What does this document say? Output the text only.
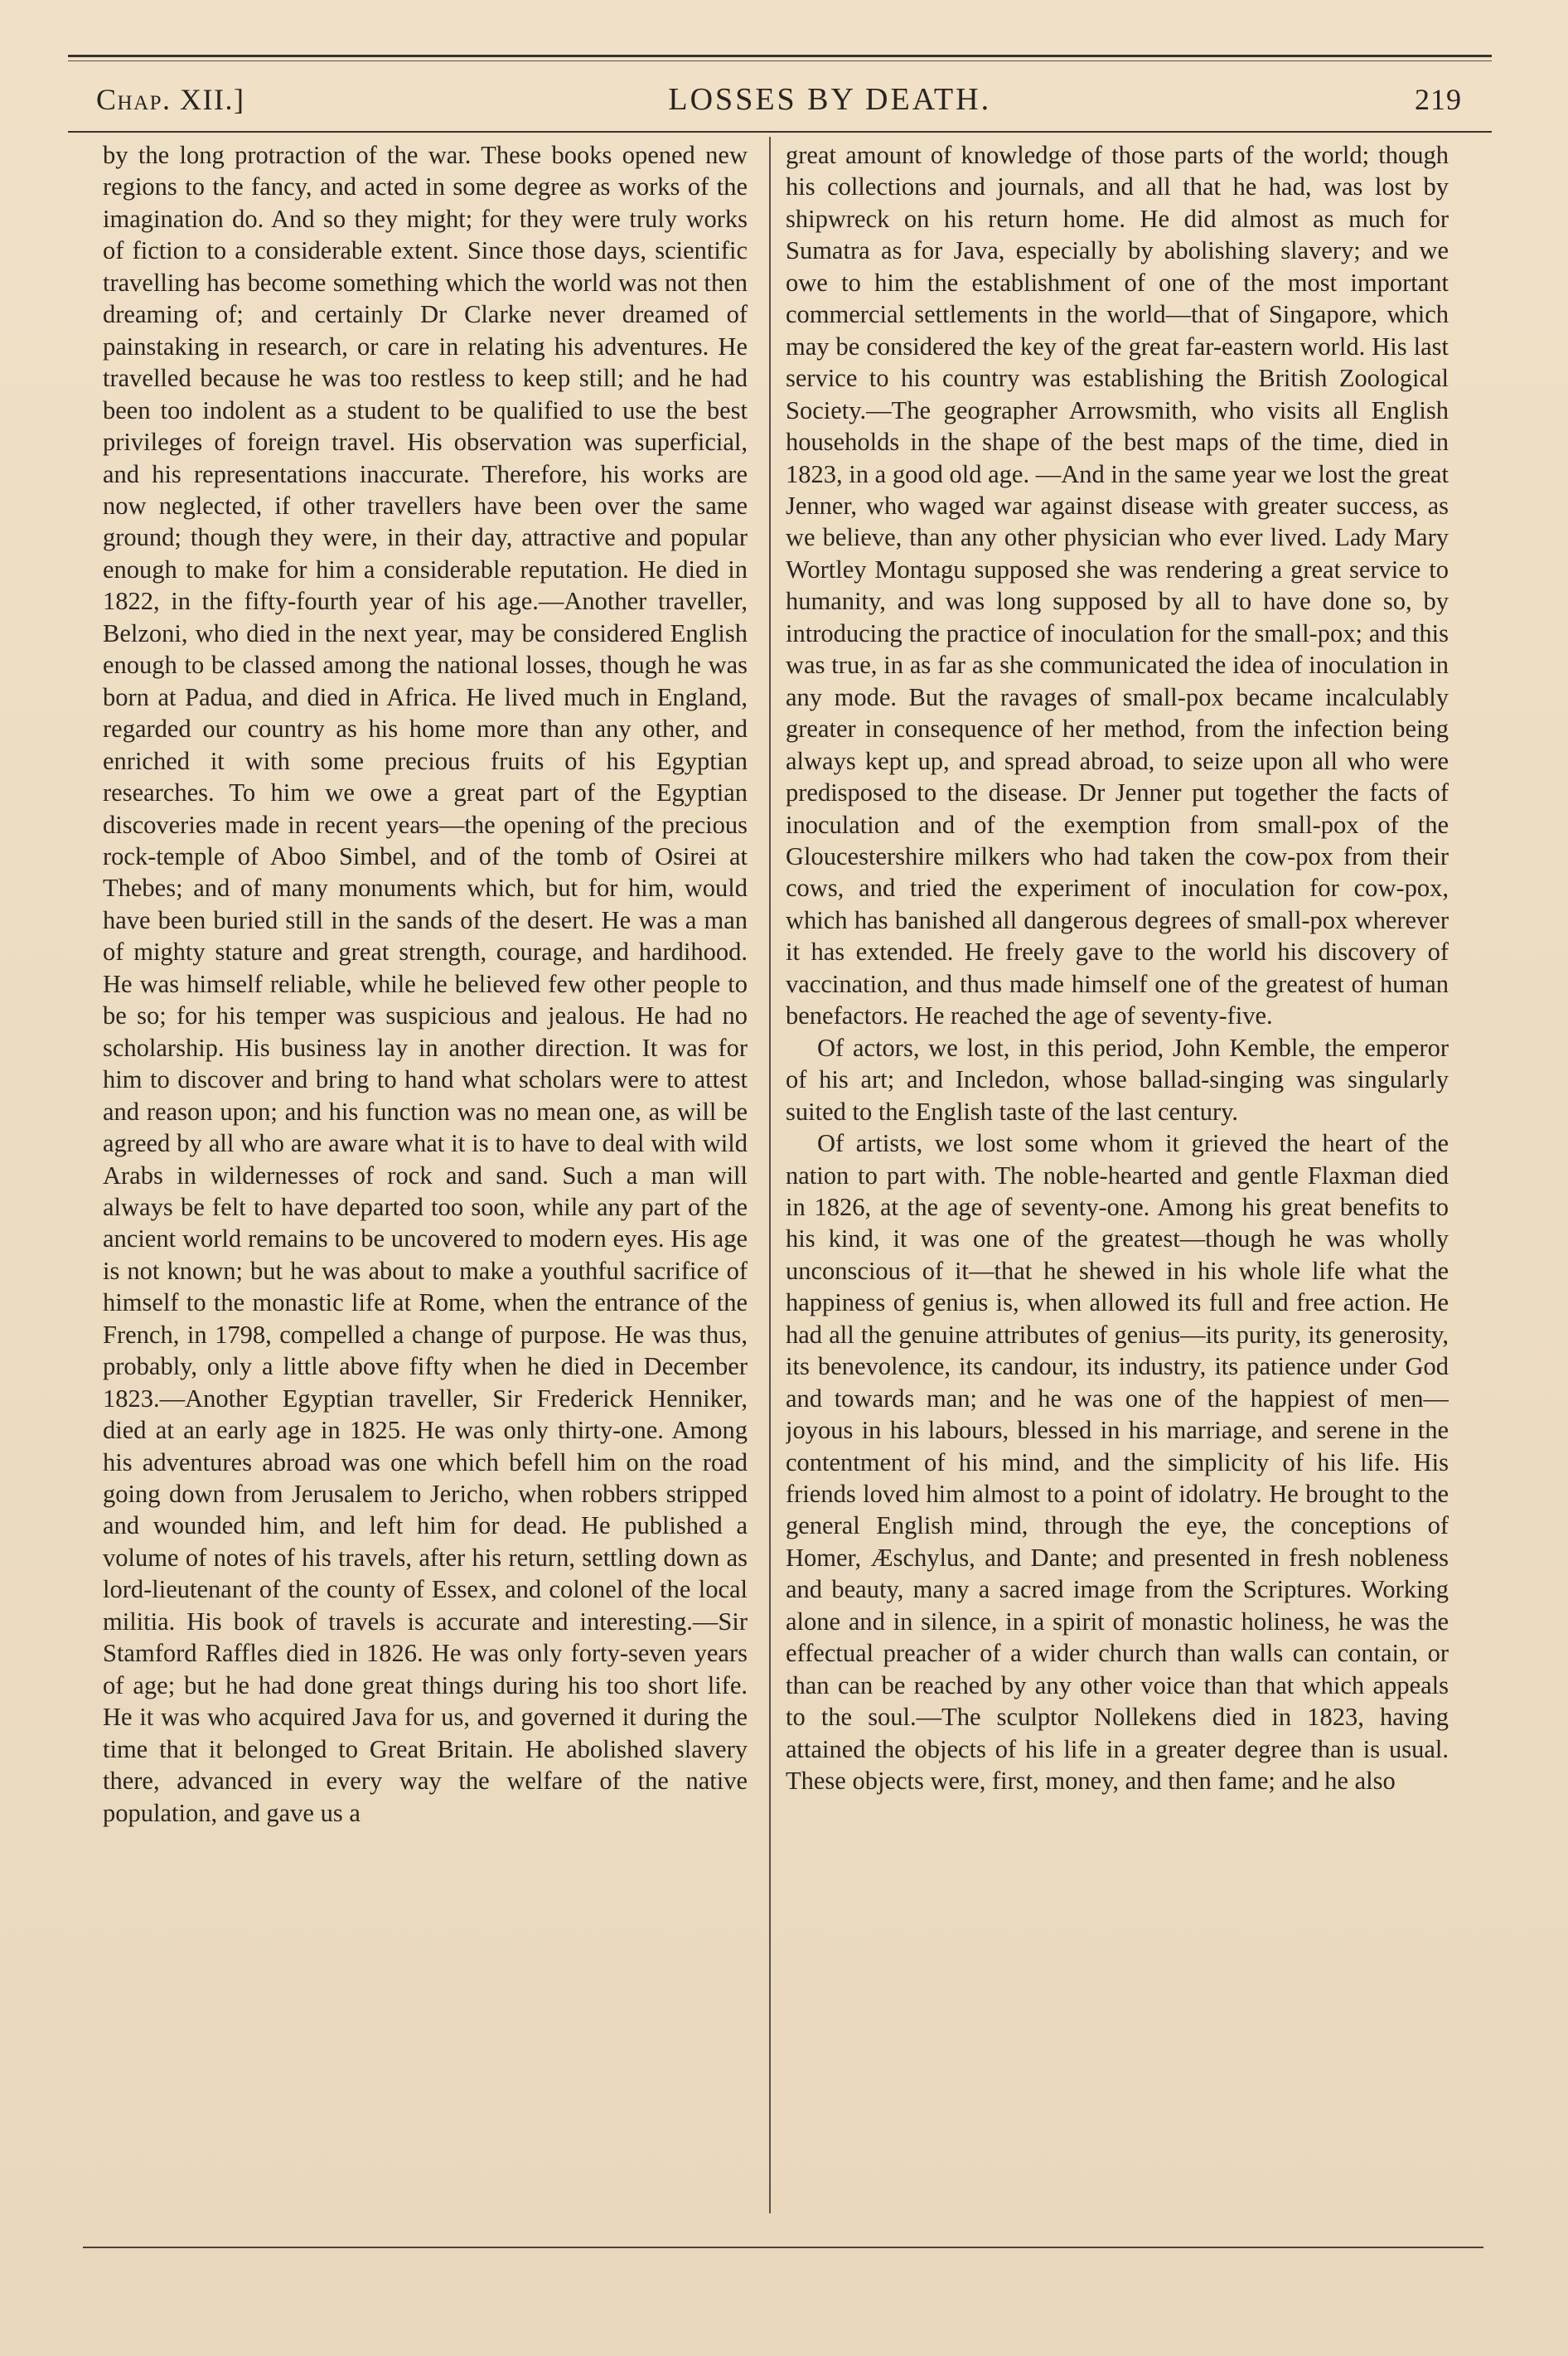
Chap. XII.]	LOSSES BY DEATH.	219

by the long protraction of the war. These books opened new regions to the fancy, and acted in some degree as works of the imagination do. And so they might; for they were truly works of fiction to a considerable extent. Since those days, scientific travelling has become something which the world was not then dreaming of; and certainly Dr Clarke never dreamed of painstaking in research, or care in relating his adventures. He travelled because he was too restless to keep still; and he had been too indolent as a student to be qualified to use the best privileges of foreign travel. His observation was superficial, and his representations inaccurate. Therefore, his works are now neglected, if other travellers have been over the same ground; though they were, in their day, attractive and popular enough to make for him a considerable reputation. He died in 1822, in the fifty-fourth year of his age.—Another traveller, Belzoni, who died in the next year, may be considered English enough to be classed among the national losses, though he was born at Padua, and died in Africa. He lived much in England, regarded our country as his home more than any other, and enriched it with some precious fruits of his Egyptian researches. To him we owe a great part of the Egyptian discoveries made in recent years—the opening of the precious rock-temple of Aboo Simbel, and of the tomb of Osirei at Thebes; and of many monuments which, but for him, would have been buried still in the sands of the desert. He was a man of mighty stature and great strength, courage, and hardihood. He was himself reliable, while he believed few other people to be so; for his temper was suspicious and jealous. He had no scholarship. His business lay in another direction. It was for him to discover and bring to hand what scholars were to attest and reason upon; and his function was no mean one, as will be agreed by all who are aware what it is to have to deal with wild Arabs in wildernesses of rock and sand. Such a man will always be felt to have departed too soon, while any part of the ancient world remains to be uncovered to modern eyes. His age is not known; but he was about to make a youthful sacrifice of himself to the monastic life at Rome, when the entrance of the French, in 1798, compelled a change of purpose. He was thus, probably, only a little above fifty when he died in December 1823.—Another Egyptian traveller, Sir Frederick Henniker, died at an early age in 1825. He was only thirty-one. Among his adventures abroad was one which befell him on the road going down from Jerusalem to Jericho, when robbers stripped and wounded him, and left him for dead. He published a volume of notes of his travels, after his return, settling down as lord-lieutenant of the county of Essex, and colonel of the local militia. His book of travels is accurate and interesting.—Sir Stamford Raffles died in 1826. He was only forty-seven years of age; but he had done great things during his too short life. He it was who acquired Java for us, and governed it during the time that it belonged to Great Britain. He abolished slavery there, advanced in every way the welfare of the native population, and gave us a

great amount of knowledge of those parts of the world; though his collections and journals, and all that he had, was lost by shipwreck on his return home. He did almost as much for Sumatra as for Java, especially by abolishing slavery; and we owe to him the establishment of one of the most important commercial settlements in the world—that of Singapore, which may be considered the key of the great far-eastern world. His last service to his country was establishing the British Zoological Society.—The geographer Arrowsmith, who visits all English households in the shape of the best maps of the time, died in 1823, in a good old age. —And in the same year we lost the great Jenner, who waged war against disease with greater success, as we believe, than any other physician who ever lived. Lady Mary Wortley Montagu supposed she was rendering a great service to humanity, and was long supposed by all to have done so, by introducing the practice of inoculation for the small-pox; and this was true, in as far as she communicated the idea of inoculation in any mode. But the ravages of small-pox became incalculably greater in consequence of her method, from the infection being always kept up, and spread abroad, to seize upon all who were predisposed to the disease. Dr Jenner put together the facts of inoculation and of the exemption from small-pox of the Gloucestershire milkers who had taken the cow-pox from their cows, and tried the experiment of inoculation for cow-pox, which has banished all dangerous degrees of small-pox wherever it has extended. He freely gave to the world his discovery of vaccination, and thus made himself one of the greatest of human benefactors. He reached the age of seventy-five.

Of actors, we lost, in this period, John Kemble, the emperor of his art; and Incledon, whose ballad-singing was singularly suited to the English taste of the last century.

Of artists, we lost some whom it grieved the heart of the nation to part with. The noble-hearted and gentle Flaxman died in 1826, at the age of seventy-one. Among his great benefits to his kind, it was one of the greatest—though he was wholly unconscious of it—that he shewed in his whole life what the happiness of genius is, when allowed its full and free action. He had all the genuine attributes of genius—its purity, its generosity, its benevolence, its candour, its industry, its patience under God and towards man; and he was one of the happiest of men—joyous in his labours, blessed in his marriage, and serene in the contentment of his mind, and the simplicity of his life. His friends loved him almost to a point of idolatry. He brought to the general English mind, through the eye, the conceptions of Homer, Æschylus, and Dante; and presented in fresh nobleness and beauty, many a sacred image from the Scriptures. Working alone and in silence, in a spirit of monastic holiness, he was the effectual preacher of a wider church than walls can contain, or than can be reached by any other voice than that which appeals to the soul.—The sculptor Nollekens died in 1823, having attained the objects of his life in a greater degree than is usual. These objects were, first, money, and then fame; and he also
